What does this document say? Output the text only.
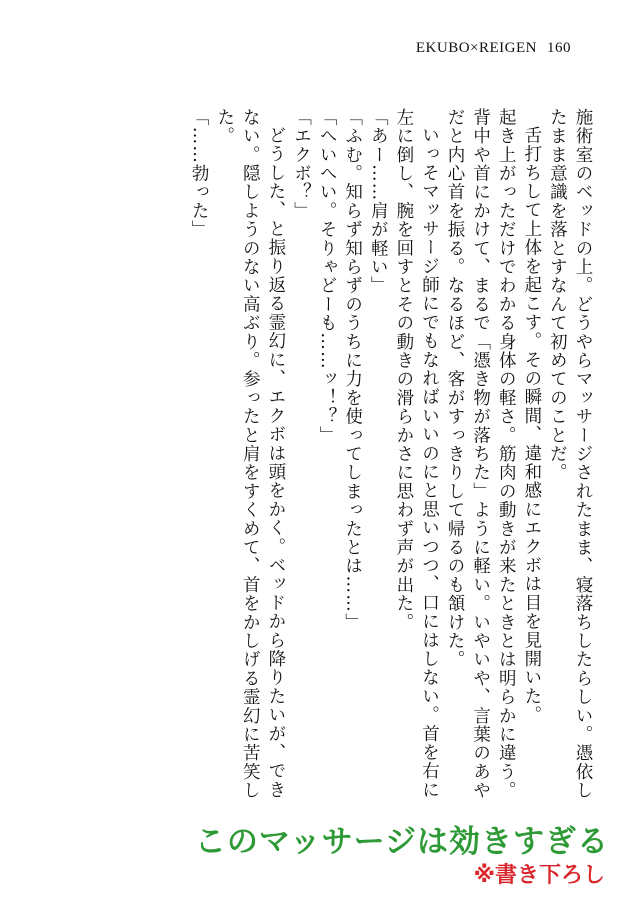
EKUBO×REIGEN 160

施術室のベッドの上。どうやらマッサージされたまま、寝落ちしたらしい。憑依したまま意識を落とすなんて初めてのことだ。

舌打ちして上体を起こす。その瞬間、違和感にエクボは目を見開いた。

起き上がっただけでわかる身体の軽さ。筋肉の動きが来たときとは明らかに違う。背中や首にかけて、まるで「憑き物が落ちた」ように軽い。いやいや、言葉のあやだと内心首を振る。なるほど、客がすっきりして帰るのも頷けた。

いっそマッサージ師にでもなればいいのにと思いつつ、口にはしない。首を右に左に倒し、腕を回すとその動きの滑らかさに思わず声が出た。

「あー……肩が軽い」

「ふむ。知らず知らずのうちに力を使ってしまったとは……」

「へいへい。そりゃどーも……ッ！？」

「エクボ？」

どうした、と振り返る霊幻に、エクボは頭をかく。ベッドから降りたいが、できない。隠しようのない高ぶり。参ったと肩をすくめて、首をかしげる霊幻に苦笑した。

「……勃った」

このマッサージは効きすぎる
※書き下ろし
